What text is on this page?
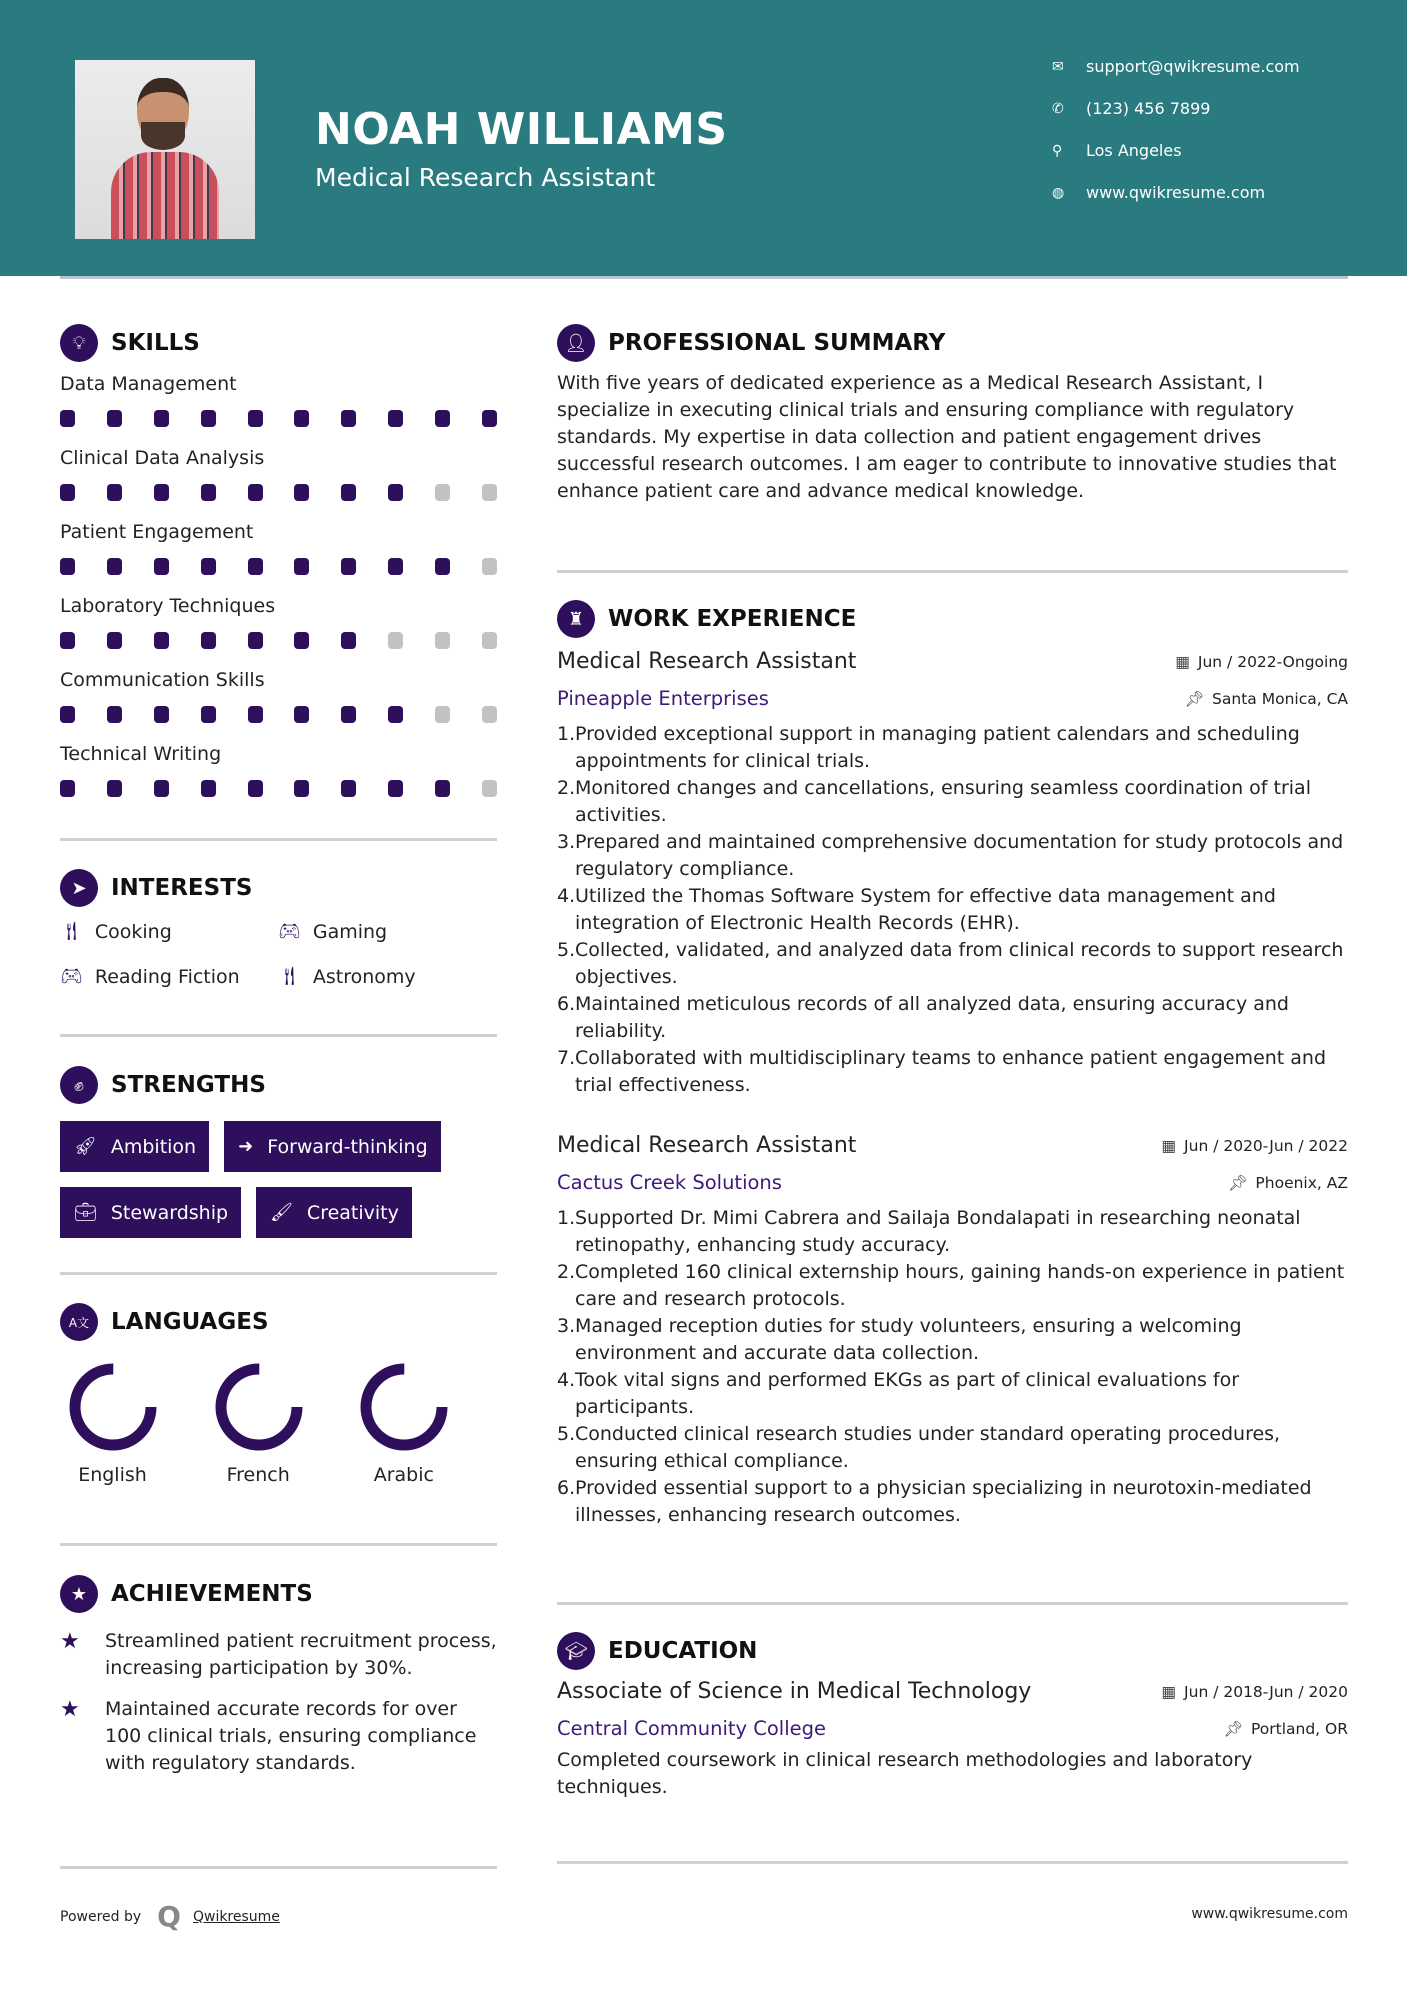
NOAH WILLIAMS
Medical Research Assistant
✉	support@qwikresume.com
✆	(123) 456 7899
⚲	Los Angeles
◍	www.qwikresume.com
💡︎	SKILLS
Data Management
Clinical Data Analysis
Patient Engagement
Laboratory Techniques
Communication Skills
Technical Writing
➤	INTERESTS
🍴︎ Cooking	🎮︎ Gaming
🎮︎ Reading Fiction 🍴︎ Astronomy
✊︎	STRENGTHS
🚀︎ Ambition ➜ Forward-thinking
💼︎ Stewardship 🖌︎ Creativity
A文 LANGUAGES
English	French	Arabic
★	ACHIEVEMENTS
★	Streamlined patient recruitment process, increasing participation by 30%.
★	Maintained accurate records for over 100 clinical trials, ensuring compliance with regulatory standards.
👤︎ PROFESSIONAL SUMMARY
With five years of dedicated experience as a Medical Research Assistant, I specialize in executing clinical trials and ensuring compliance with regulatory standards. My expertise in data collection and patient engagement drives successful research outcomes. I am eager to contribute to innovative studies that enhance patient care and advance medical knowledge.
♜	WORK EXPERIENCE
Medical Research Assistant	▦ Jun / 2022-Ongoing
Pineapple Enterprises	📌︎ Santa Monica, CA
1. Provided exceptional support in managing patient calendars and scheduling appointments for clinical trials.
2. Monitored changes and cancellations, ensuring seamless coordination of trial activities.
3. Prepared and maintained comprehensive documentation for study protocols and regulatory compliance.
4. Utilized the Thomas Software System for effective data management and integration of Electronic Health Records (EHR).
5. Collected, validated, and analyzed data from clinical records to support research objectives.
6. Maintained meticulous records of all analyzed data, ensuring accuracy and reliability.
7. Collaborated with multidisciplinary teams to enhance patient engagement and trial effectiveness.
Medical Research Assistant	▦ Jun / 2020-Jun / 2022
Cactus Creek Solutions	📌︎ Phoenix, AZ
1. Supported Dr. Mimi Cabrera and Sailaja Bondalapati in researching neonatal retinopathy, enhancing study accuracy.
2. Completed 160 clinical externship hours, gaining hands-on experience in patient care and research protocols.
3. Managed reception duties for study volunteers, ensuring a welcoming environment and accurate data collection.
4. Took vital signs and performed EKGs as part of clinical evaluations for participants.
5. Conducted clinical research studies under standard operating procedures, ensuring ethical compliance.
6. Provided essential support to a physician specializing in neurotoxin-mediated illnesses, enhancing research outcomes.
🎓︎ EDUCATION
Associate of Science in Medical Technology	▦ Jun / 2018-Jun / 2020
Central Community College	📌︎ Portland, OR
Completed coursework in clinical research methodologies and laboratory techniques.
Powered by Q Qwikresume	www.qwikresume.com
